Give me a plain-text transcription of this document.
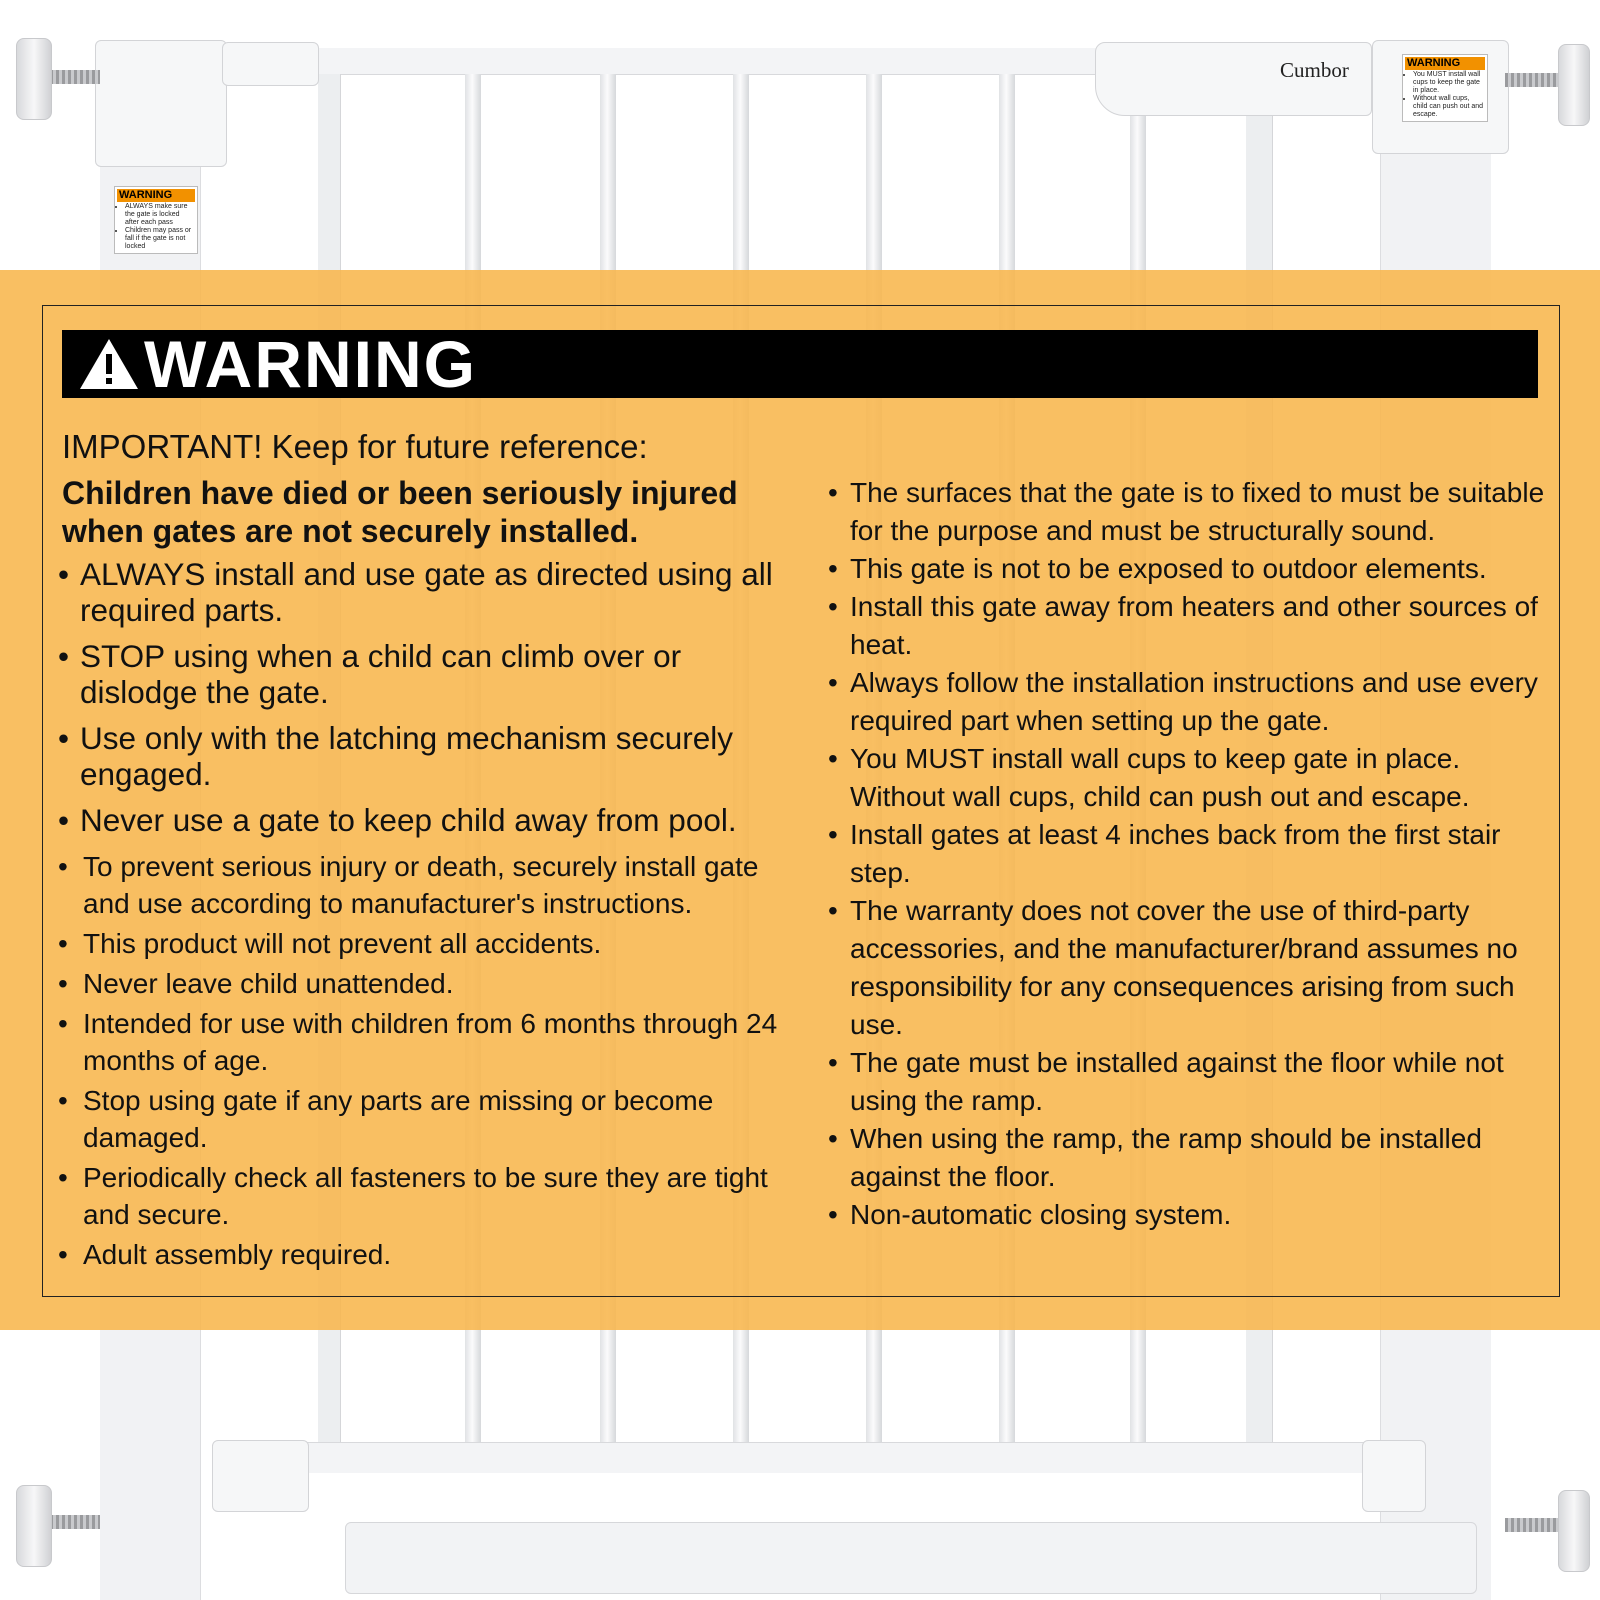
Cumbor	WARNING
• You MUST install wall cups to keep the gate in place.
• Without wall cups, child can push out and escape.
WARNING
• ALWAYS make sure the gate is locked after each pass
• Children may pass or fall if the gate is not locked
WARNING
IMPORTANT! Keep for future reference:
Children have died or been seriously injured when gates are not securely installed.
• ALWAYS install and use gate as directed using all required parts.
• STOP using when a child can climb over or dislodge the gate.
• Use only with the latching mechanism securely engaged.
• Never use a gate to keep child away from pool.
• To prevent serious injury or death, securely install gate and use according to manufacturer's instructions.
• This product will not prevent all accidents.
• Never leave child unattended.
• Intended for use with children from 6 months through 24 months of age.
• Stop using gate if any parts are missing or become damaged.
• Periodically check all fasteners to be sure they are tight and secure.
• Adult assembly required.
• The surfaces that the gate is to fixed to must be suitable for the purpose and must be structurally sound.
• This gate is not to be exposed to outdoor elements.
• Install this gate away from heaters and other sources of heat.
• Always follow the installation instructions and use every required part when setting up the gate.
• You MUST install wall cups to keep gate in place. Without wall cups, child can push out and escape.
• Install gates at least 4 inches back from the first stair step.
• The warranty does not cover the use of third-party accessories, and the manufacturer/brand assumes no responsibility for any consequences arising from such use.
• The gate must be installed against the floor while not using the ramp.
• When using the ramp, the ramp should be installed against the floor.
• Non-automatic closing system.
